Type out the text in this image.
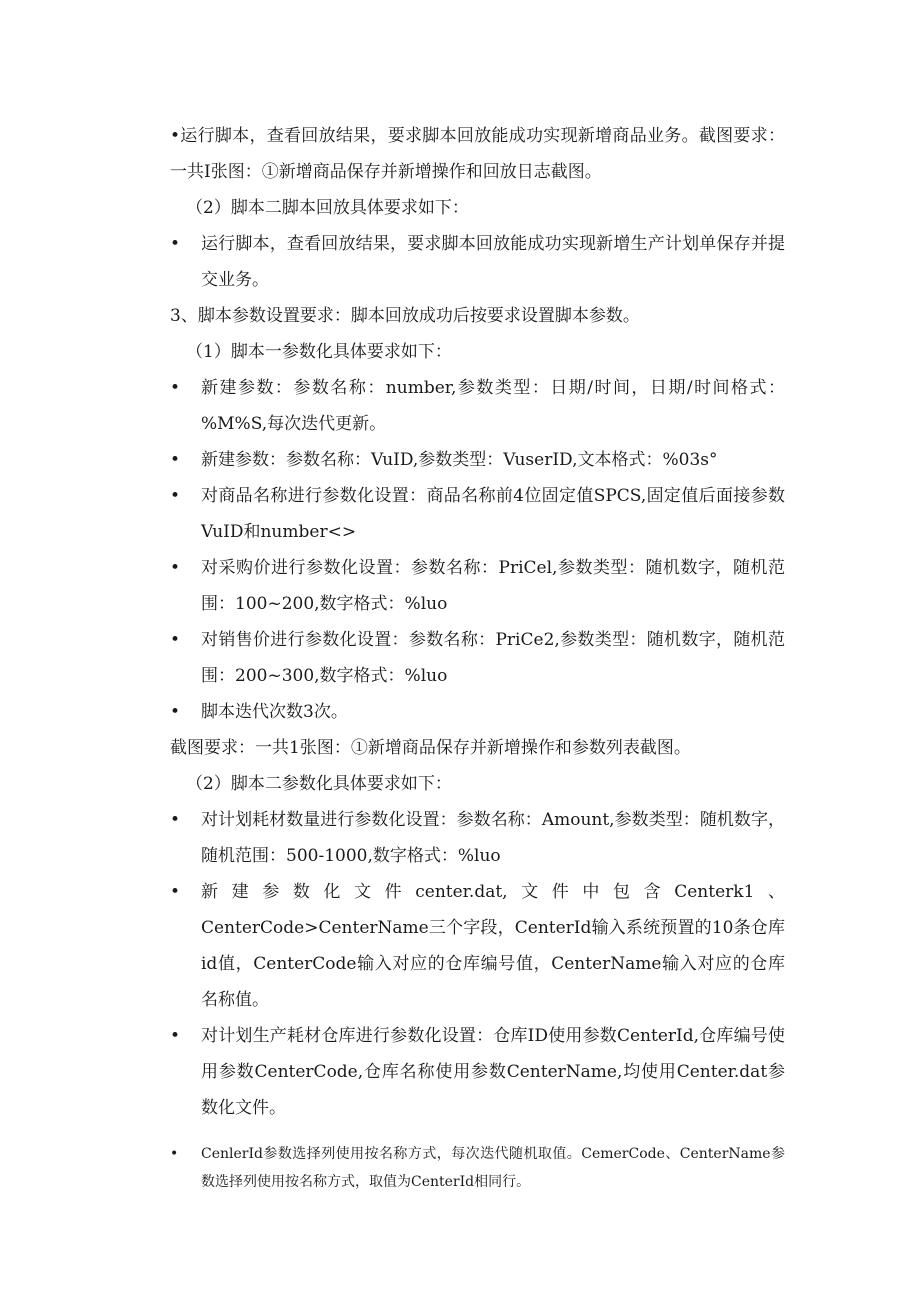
•运行脚本，查看回放结果，要求脚本回放能成功实现新增商品业务。截图要求：一共I张图：①新增商品保存并新增操作和回放日志截图。
（2）脚本二脚本回放具体要求如下：
• 运行脚本，查看回放结果，要求脚本回放能成功实现新增生产计划单保存并提交业务。
3、脚本参数设置要求：脚本回放成功后按要求设置脚本参数。
（1）脚本一参数化具体要求如下：
• 新建参数：参数名称：number,参数类型：日期/时间，日期/时间格式：%M%S,每次迭代更新。
• 新建参数：参数名称：VuID,参数类型：VuserID,文本格式：%03s°
• 对商品名称进行参数化设置：商品名称前4位固定值SPCS,固定值后面接参数VuID和number<>
• 对采购价进行参数化设置：参数名称：PriCel,参数类型：随机数字，随机范围：100~200,数字格式：%luo
• 对销售价进行参数化设置：参数名称：PriCe2,参数类型：随机数字，随机范围：200~300,数字格式：%luo
• 脚本迭代次数3次。
截图要求：一共1张图：①新增商品保存并新增操作和参数列表截图。
（2）脚本二参数化具体要求如下：
• 对计划耗材数量进行参数化设置：参数名称：Amount,参数类型：随机数字，随机范围：500-1000,数字格式：%luo
• 新建参数化文件center.dat,文件中包含Centerk1、CenterCode>CenterName三个字段，CenterId输入系统预置的10条仓库id值，CenterCode输入对应的仓库编号值，CenterName输入对应的仓库名称值。
• 对计划生产耗材仓库进行参数化设置：仓库ID使用参数CenterId,仓库编号使用参数CenterCode,仓库名称使用参数CenterName,均使用Center.dat参数化文件。
• CenlerId参数选择列使用按名称方式，每次迭代随机取值。CemerCode、CenterName参数选择列使用按名称方式，取值为CenterId相同行。
